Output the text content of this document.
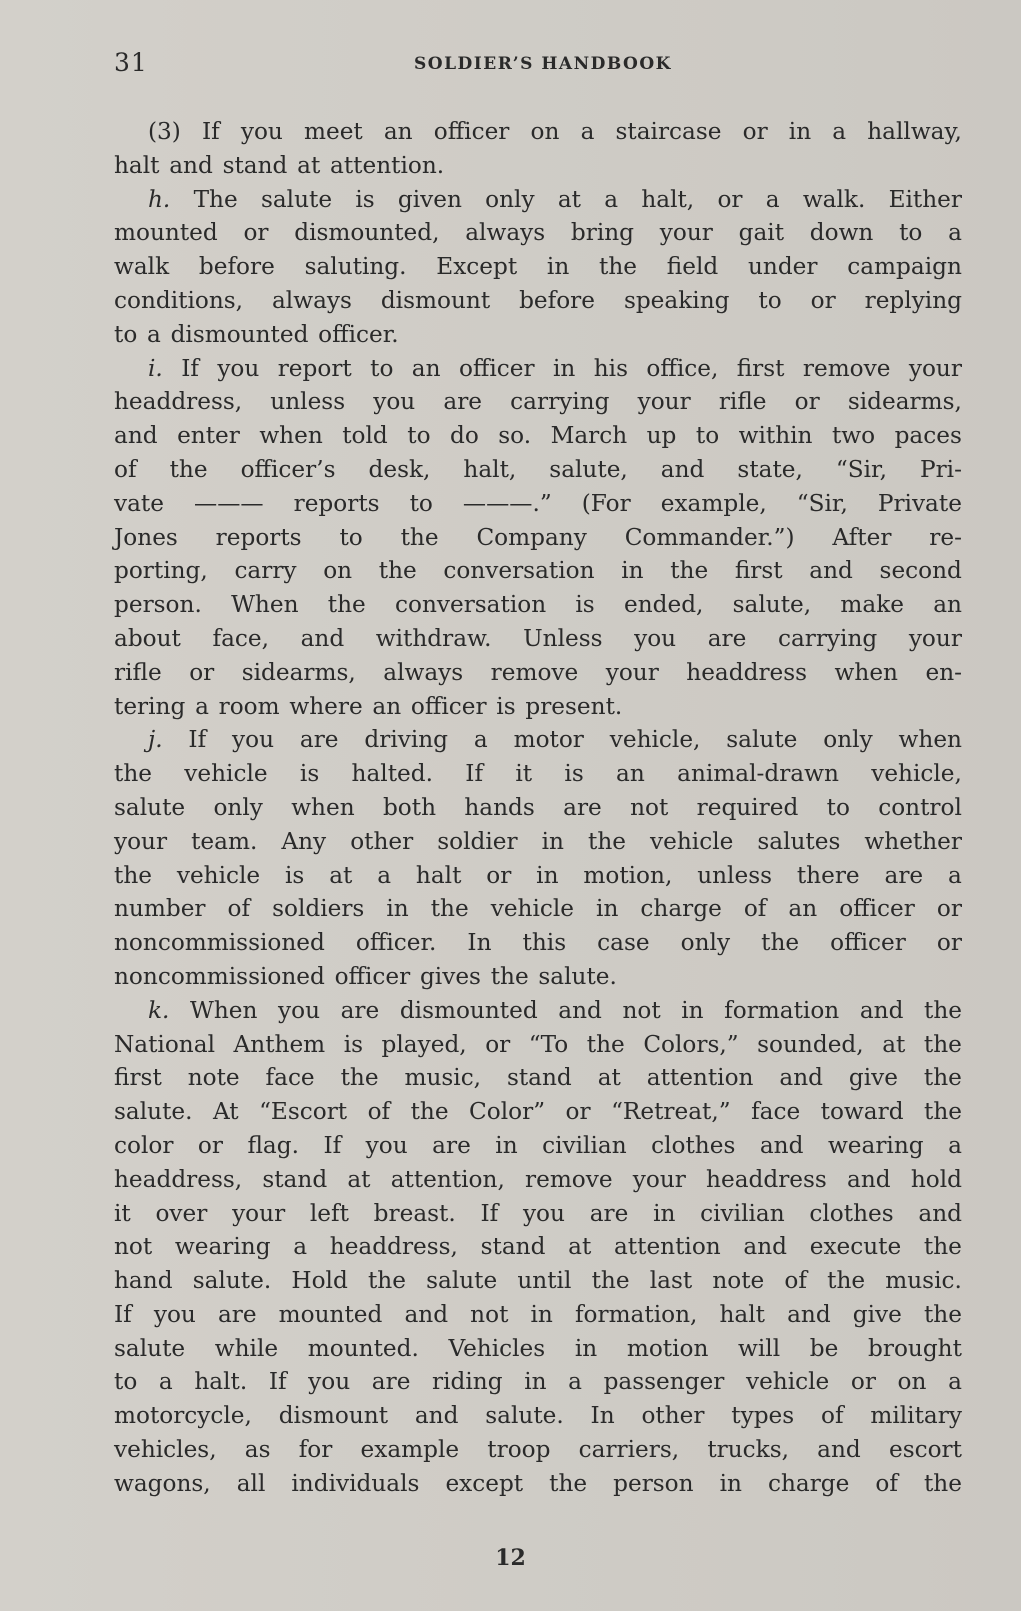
31	SOLDIER’S HANDBOOK
(3) If you meet an officer on a staircase or in a hallway,
halt and stand at attention.
h. The salute is given only at a halt, or a walk. Either
mounted or dismounted, always bring your gait down to a
walk before saluting. Except in the field under campaign
conditions, always dismount before speaking to or replying
to a dismounted officer.
i. If you report to an officer in his office, first remove your
headdress, unless you are carrying your rifle or sidearms,
and enter when told to do so. March up to within two paces
of the officer’s desk, halt, salute, and state, “Sir, Pri-
vate ——— reports to ———.” (For example, “Sir, Private
Jones reports to the Company Commander.”) After re-
porting, carry on the conversation in the first and second
person. When the conversation is ended, salute, make an
about face, and withdraw. Unless you are carrying your
rifle or sidearms, always remove your headdress when en-
tering a room where an officer is present.
j. If you are driving a motor vehicle, salute only when
the vehicle is halted. If it is an animal-drawn vehicle,
salute only when both hands are not required to control
your team. Any other soldier in the vehicle salutes whether
the vehicle is at a halt or in motion, unless there are a
number of soldiers in the vehicle in charge of an officer or
noncommissioned officer. In this case only the officer or
noncommissioned officer gives the salute.
k. When you are dismounted and not in formation and the
National Anthem is played, or “To the Colors,” sounded, at the
first note face the music, stand at attention and give the
salute. At “Escort of the Color” or “Retreat,” face toward the
color or flag. If you are in civilian clothes and wearing a
headdress, stand at attention, remove your headdress and hold
it over your left breast. If you are in civilian clothes and
not wearing a headdress, stand at attention and execute the
hand salute. Hold the salute until the last note of the music.
If you are mounted and not in formation, halt and give the
salute while mounted. Vehicles in motion will be brought
to a halt. If you are riding in a passenger vehicle or on a
motorcycle, dismount and salute. In other types of military
vehicles, as for example troop carriers, trucks, and escort
wagons, all individuals except the person in charge of the
12
